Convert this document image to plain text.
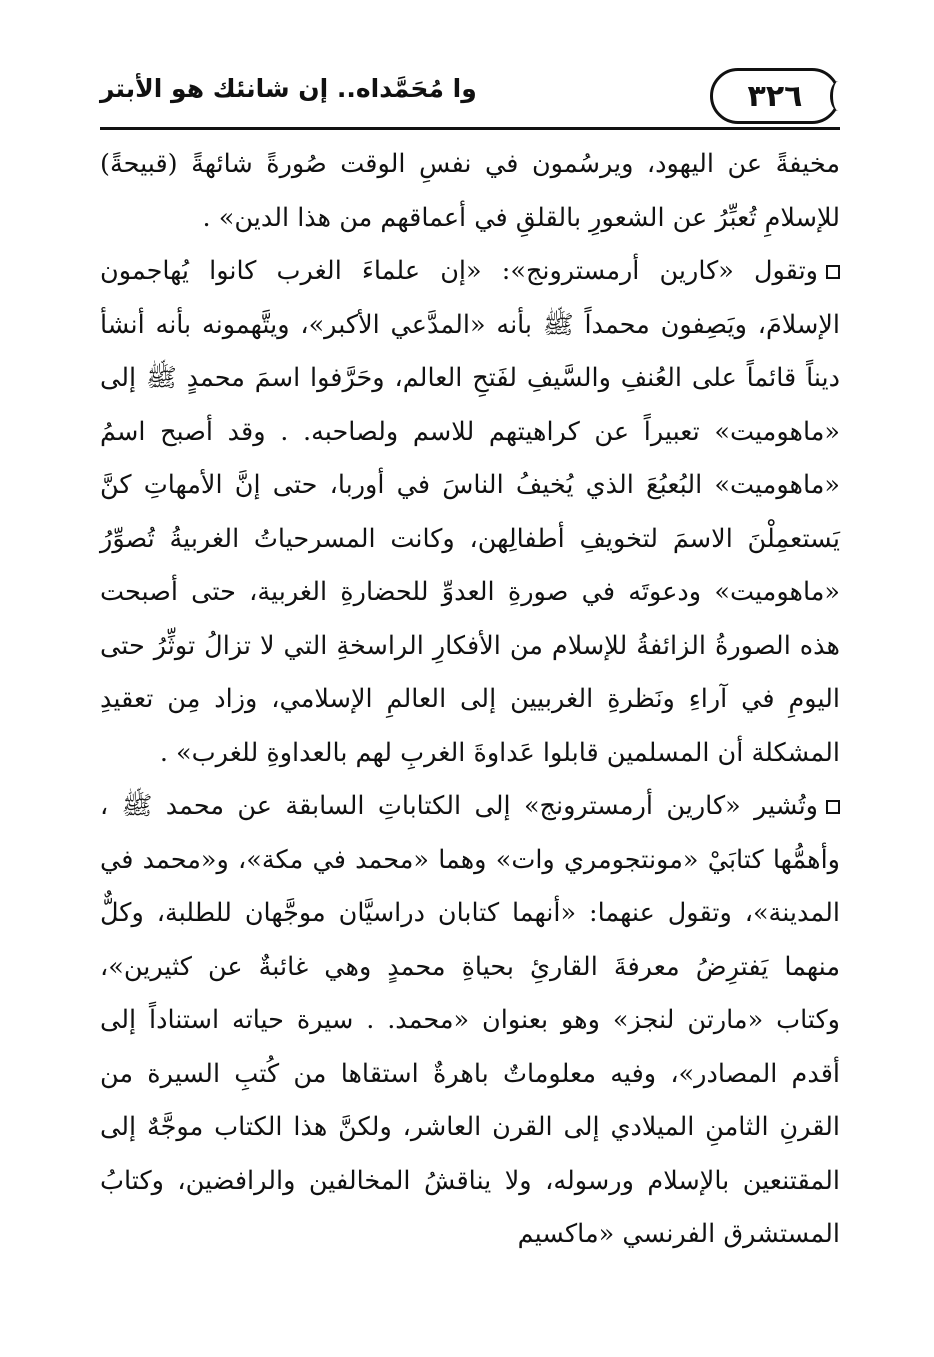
٣٢٦
وا مُحَمَّداه.. إن شانئك هو الأبتر

مخيفةً عن اليهود، ويرسُمون في نفسِ الوقت صُورةً شائهةً (قبيحةً) للإسلامِ تُعبِّرُ عن الشعورِ بالقلقِ في أعماقهم من هذا الدين» .

وتقول «كارين أرمسترونج»: «إن علماءَ الغرب كانوا يُهاجمون الإسلامَ، ويَصِفون محمداً ﷺ بأنه «المدَّعي الأكبر»، ويتَّهمونه بأنه أنشأ ديناً قائماً على العُنفِ والسَّيفِ لفَتحِ العالم، وحَرَّفوا اسمَ محمدٍ ﷺ إلى «ماهوميت» تعبيراً عن كراهيتهم للاسم ولصاحبه. . وقد أصبح اسمُ «ماهوميت» البُعبُعَ الذي يُخيفُ الناسَ في أوربا، حتى إنَّ الأمهاتِ كنَّ يَستعمِلْنَ الاسمَ لتخويفِ أطفالِهن، وكانت المسرحياتُ الغربيةُ تُصوِّرُ «ماهوميت» ودعوتَه في صورةِ العدوِّ للحضارةِ الغربية، حتى أصبحت هذه الصورةُ الزائفةُ للإسلام من الأفكارِ الراسخةِ التي لا تزالُ توثِّرُ حتى اليومِ في آراءِ ونَظرةِ الغربيين إلى العالمِ الإسلامي، وزاد مِن تعقيدِ المشكلة أن المسلمين قابلوا عَداوةَ الغربِ لهم بالعداوةِ للغرب» .

وتُشير «كارين أرمسترونج» إلى الكتاباتِ السابقة عن محمد ﷺ ، وأهمُّها كتابَيْ «مونتجومري وات» وهما «محمد في مكة»، و«محمد في المدينة»، وتقول عنهما: «أنهما كتابان دراسيَّان موجَّهان للطلبة، وكلٌّ منهما يَفترِضُ معرفةَ القارئِ بحياةِ محمدٍ وهي غائبةٌ عن كثيرين»، وكتاب «مارتن لنجز» وهو بعنوان «محمد. . سيرة حياته استناداً إلى أقدم المصادر»، وفيه معلوماتٌ باهرةٌ استقاها من كُتبِ السيرة من القرنِ الثامنِ الميلادي إلى القرن العاشر، ولكنَّ هذا الكتاب موجَّهٌ إلى المقتنعين بالإسلام ورسوله، ولا يناقشُ المخالفين والرافضين، وكتابُ المستشرق الفرنسي «ماكسيم
